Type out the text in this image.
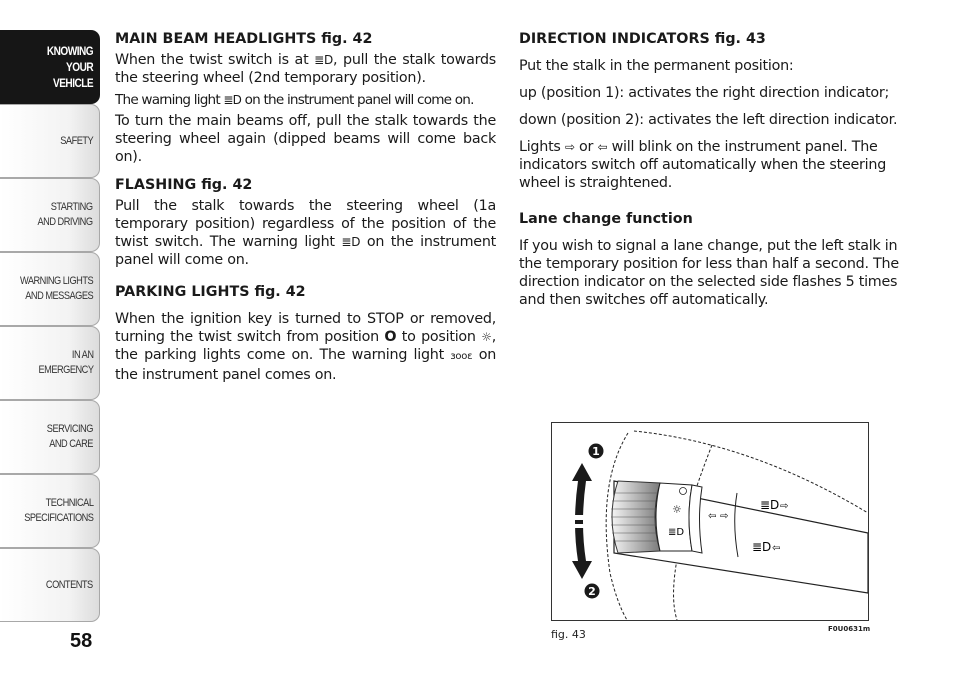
KNOWING
YOUR
VEHICLE
SAFETY
STARTING
AND DRIVING
WARNING LIGHTS
AND MESSAGES
IN AN
EMERGENCY
SERVICING
AND CARE
TECHNICAL
SPECIFICATIONS
CONTENTS
58
MAIN BEAM HEADLIGHTS fig. 42

When the twist switch is at ≣D, pull the stalk towards the steering wheel (2nd temporary position).

The warning light ≣D on the instrument panel will come on.

To turn the main beams off, pull the stalk towards the steering wheel again (dipped beams will come back on).

FLASHING fig. 42

Pull the stalk towards the steering wheel (1a temporary position) regardless of the position of the twist switch. The warning light ≣D on the instrument panel will come on.

PARKING LIGHTS fig. 42

When the ignition key is turned to STOP or removed, turning the twist switch from position O to position ☼, the parking lights come on. The warning light ɜooɛ on the instrument panel comes on.

DIRECTION INDICATORS fig. 43

Put the stalk in the permanent position:

up (position 1): activates the right direction indicator;

down (position 2): activates the left direction indicator.

Lights ⇨ or ⇦ will blink on the instrument panel. The indicators switch off automatically when the steering wheel is straightened.

Lane change function

If you wish to signal a lane change, put the left stalk in the temporary position for less than half a second. The direction indicator on the selected side flashes 5 times and then switches off automatically.

☼
≣D
⇦ ⇨
≣D ⇨
≣D ⇦
1
2
fig. 43	F0U0631m
